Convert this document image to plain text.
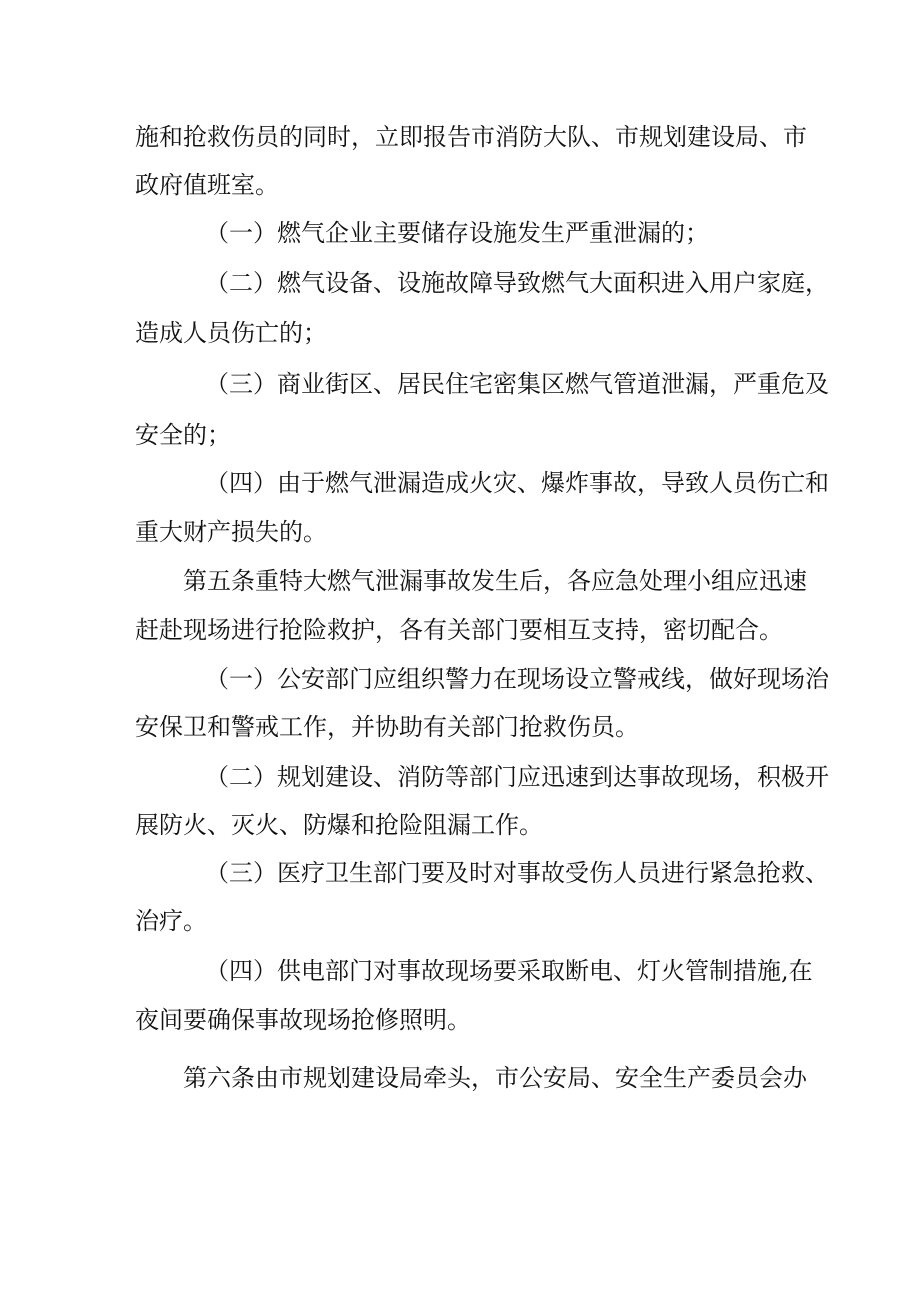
施和抢救伤员的同时，立即报告市消防大队、市规划建设局、市

政府值班室。

（一）燃气企业主要储存设施发生严重泄漏的；

（二）燃气设备、设施故障导致燃气大面积进入用户家庭，

造成人员伤亡的；

（三）商业街区、居民住宅密集区燃气管道泄漏，严重危及

安全的；

（四）由于燃气泄漏造成火灾、爆炸事故，导致人员伤亡和

重大财产损失的。

第五条重特大燃气泄漏事故发生后，各应急处理小组应迅速

赶赴现场进行抢险救护，各有关部门要相互支持，密切配合。

（一）公安部门应组织警力在现场设立警戒线，做好现场治

安保卫和警戒工作，并协助有关部门抢救伤员。

（二）规划建设、消防等部门应迅速到达事故现场，积极开

展防火、灭火、防爆和抢险阻漏工作。

（三）医疗卫生部门要及时对事故受伤人员进行紧急抢救、

治疗。

（四）供电部门对事故现场要采取断电、灯火管制措施,在

夜间要确保事故现场抢修照明。

第六条由市规划建设局牵头，市公安局、安全生产委员会办
